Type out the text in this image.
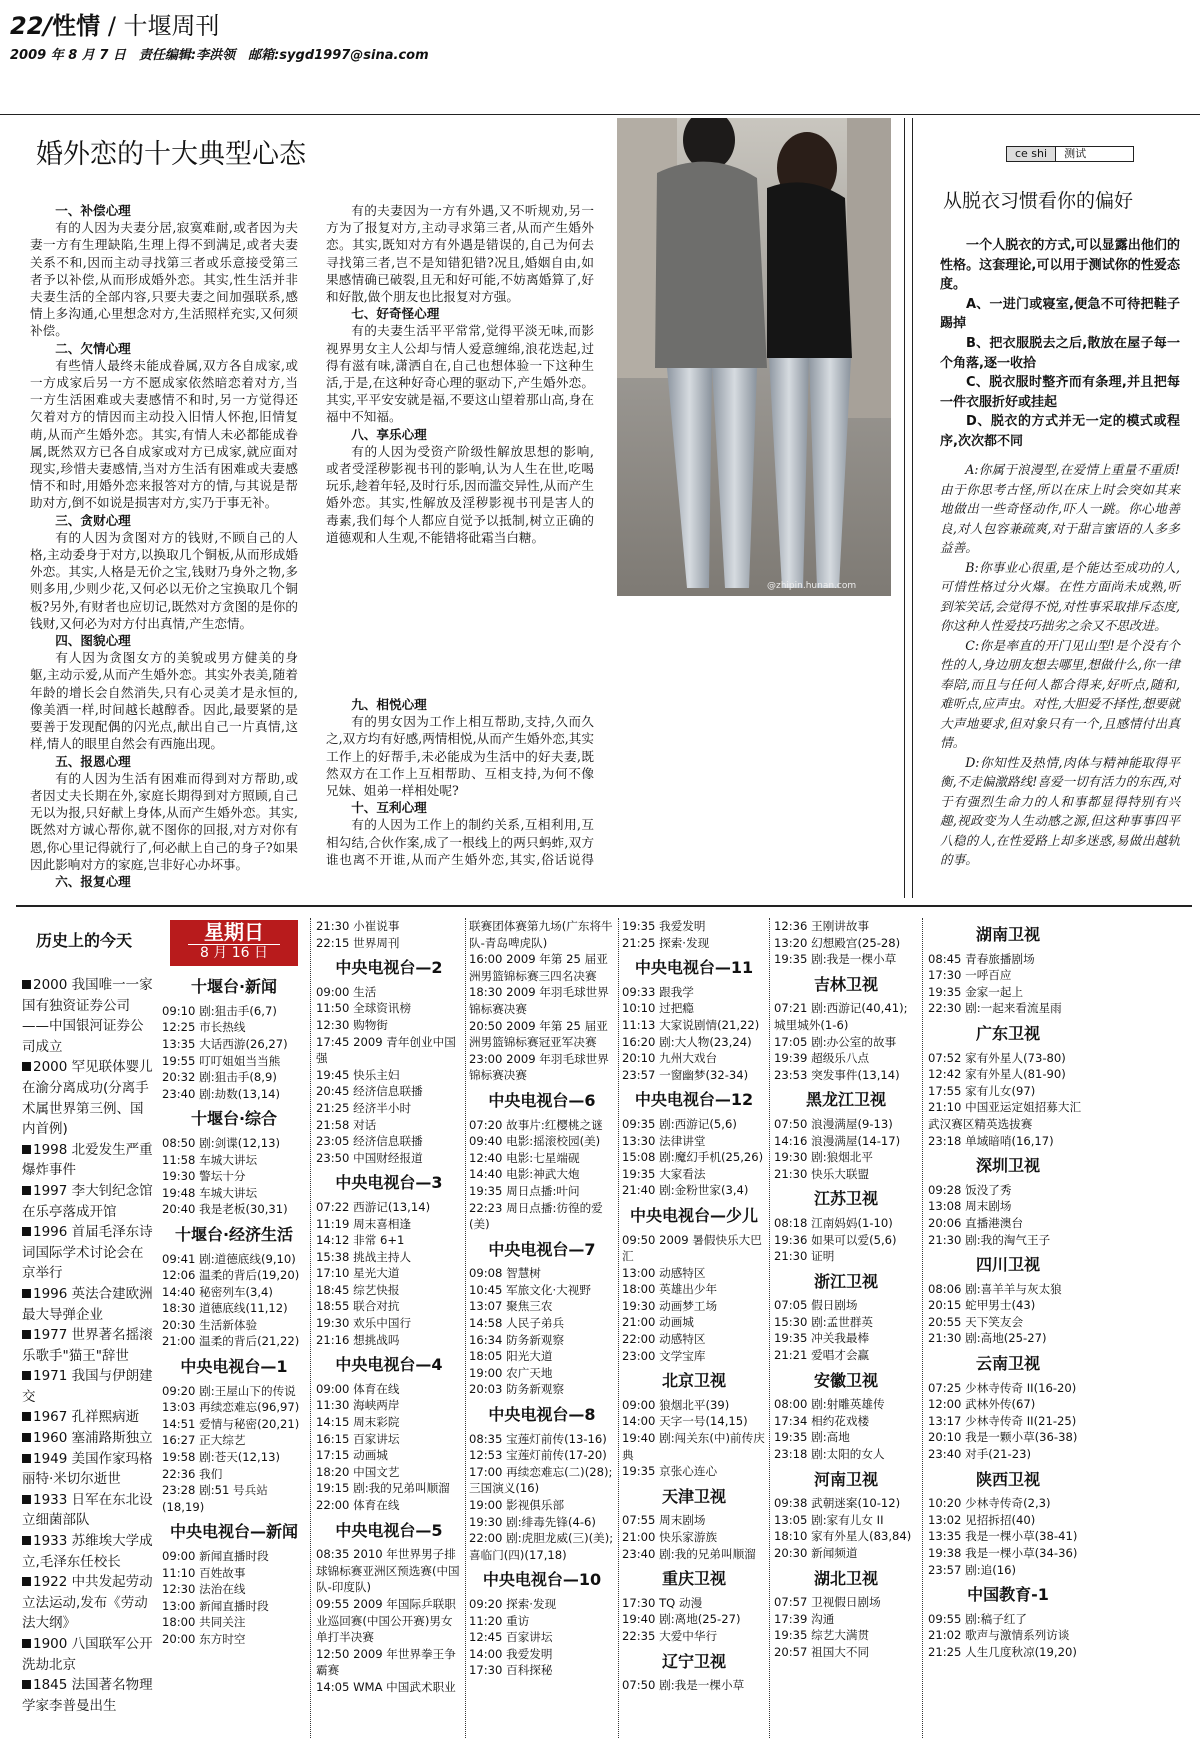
22/性情 / 十堰周刊
2009 年 8 月 7 日　责任编辑:李洪领　邮箱:sygd1997@sina.com
婚外恋的十大典型心态
一、补偿心理

有的人因为夫妻分居,寂寞难耐,或者因为夫妻一方有生理缺陷,生理上得不到满足,或者夫妻关系不和,因而主动寻找第三者或乐意接受第三者予以补偿,从而形成婚外恋。其实,性生活并非夫妻生活的全部内容,只要夫妻之间加强联系,感情上多沟通,心里想念对方,生活照样充实,又何须补偿。

二、欠情心理

有些情人最终未能成眷属,双方各自成家,或一方成家后另一方不愿成家依然暗恋着对方,当一方生活困难或夫妻感情不和时,另一方觉得还欠着对方的情因而主动投入旧情人怀抱,旧情复萌,从而产生婚外恋。其实,有情人未必都能成眷属,既然双方已各自成家或对方已成家,就应面对现实,珍惜夫妻感情,当对方生活有困难或夫妻感情不和时,用婚外恋来报答对方的情,与其说是帮助对方,倒不如说是损害对方,实乃于事无补。

三、贪财心理

有的人因为贪图对方的钱财,不顾自己的人格,主动委身于对方,以换取几个铜板,从而形成婚外恋。其实,人格是无价之宝,钱财乃身外之物,多则多用,少则少花,又何必以无价之宝换取几个铜板?另外,有财者也应切记,既然对方贪图的是你的钱财,又何必为对方付出真情,产生恋情。

四、图貌心理

有人因为贪图女方的美貌或男方健美的身躯,主动示爱,从而产生婚外恋。其实外表美,随着年龄的增长会自然消失,只有心灵美才是永恒的,像美酒一样,时间越长越醇香。因此,最要紧的是要善于发现配偶的闪光点,献出自己一片真情,这样,情人的眼里自然会有西施出现。

五、报恩心理

有的人因为生活有困难而得到对方帮助,或者因丈夫长期在外,家庭长期得到对方照顾,自己无以为报,只好献上身体,从而产生婚外恋。其实,既然对方诚心帮你,就不图你的回报,对方对你有恩,你心里记得就行了,何必献上自己的身子?如果因此影响对方的家庭,岂非好心办坏事。

六、报复心理

有的夫妻因为一方有外遇,又不听规劝,另一方为了报复对方,主动寻求第三者,从而产生婚外恋。其实,既知对方有外遇是错误的,自己为何去寻找第三者,岂不是知错犯错?况且,婚姻自由,如果感情确已破裂,且无和好可能,不妨离婚算了,好和好散,做个朋友也比报复对方强。

七、好奇怪心理

有的夫妻生活平平常常,觉得平淡无味,而影视界男女主人公却与情人爱意缠绵,浪花迭起,过得有滋有味,潇洒自在,自己也想体验一下这种生活,于是,在这种好奇心理的驱动下,产生婚外恋。其实,平平安安就是福,不要这山望着那山高,身在福中不知福。

八、享乐心理

有的人因为受资产阶级性解放思想的影响,或者受淫秽影视书刊的影响,认为人生在世,吃喝玩乐,趁着年轻,及时行乐,因而滥交异性,从而产生婚外恋。其实,性解放及淫秽影视书刊是害人的毒素,我们每个人都应自觉予以抵制,树立正确的道德观和人生观,不能错将砒霜当白糖。

九、相悦心理

有的男女因为工作上相互帮助,支持,久而久之,双方均有好感,两情相悦,从而产生婚外恋,其实工作上的好帮手,未必能成为生活中的好夫妻,既然双方在工作上互相帮助、互相支持,为何不像兄妹、姐弟一样相处呢?

十、互利心理

有的人因为工作上的制约关系,互相利用,互相勾结,合伙作案,成了一根线上的两只蚂蚱,双方谁也离不开谁,从而产生婚外恋,其实,俗话说得

@zhipin.hunan.com
ce shi 测试
从脱衣习惯看你的偏好

一个人脱衣的方式,可以显露出他们的性格。这套理论,可以用于测试你的性爱态度。

A、一进门或寝室,便急不可待把鞋子踢掉

B、把衣服脱去之后,散放在屋子每一个角落,逐一收拾

C、脱衣服时整齐而有条理,并且把每一件衣服折好或挂起

D、脱衣的方式并无一定的模式或程序,次次都不同

A:你属于浪漫型,在爱情上重量不重质!由于你思考古怪,所以在床上时会突如其来地做出一些奇怪动作,吓人一跳。你心地善良,对人包容兼疏爽,对于甜言蜜语的人多多益善。

B:你事业心很重,是个能达至成功的人,可惜性格过分火爆。在性方面尚未成熟,听到笨笑话,会觉得不悦,对性事采取排斥态度,你这种人性爱技巧拙劣之余又不思改进。

C:你是率直的开门见山型!是个没有个性的人,身边朋友想去哪里,想做什么,你一律奉陪,而且与任何人都合得来,好听点,随和,难听点,应声虫。对性,大胆爱不择性,想要就大声地要求,但对象只有一个,且感情付出真情。

D:你知性及热情,肉体与精神能取得平衡,不走偏激路线!喜爱一切有活力的东西,对于有强烈生命力的人和事都显得特别有兴趣,视政变为人生动感之源,但这种事事四平八稳的人,在性爱路上却多迷惑,易做出越轨的事。

历史上的今天

2000 我国唯一一家国有独资证券公司——中国银河证券公司成立

2000 罕见联体婴儿在渝分离成功(分离手术属世界第三例、国内首例)

1998 北爱发生严重爆炸事件

1997 李大钊纪念馆在乐亭落成开馆

1996 首届毛泽东诗词国际学术讨论会在京举行

1996 英法合建欧洲最大导弹企业

1977 世界著名摇滚乐歌手"猫王"辞世

1971 我国与伊朗建交

1967 孔祥熙病逝

1960 塞浦路斯独立

1949 美国作家玛格丽特·米切尔逝世

1933 日军在东北设立细菌部队

1933 苏维埃大学成立,毛泽东任校长

1922 中共发起劳动立法运动,发布《劳动法大纲》

1900 八国联军公开洗劫北京

1845 法国著名物理学家李普曼出生

星期日
8 月 16 日
十堰台·新闻
09:10 剧:狙击手(6,7)
12:25 市长热线
13:35 大话西游(26,27)
19:55 叮叮姐姐当当熊
20:32 剧:狙击手(8,9)
23:40 剧:劫数(13,14)
十堰台·综合
08:50 剧:剑谍(12,13)
11:58 车城大讲坛
19:30 警坛十分
19:48 车城大讲坛
20:40 我是老板(30,31)
十堰台·经济生活
09:41 剧:道德底线(9,10)
12:06 温柔的背后(19,20)
14:40 秘密列车(3,4)
18:30 道德底线(11,12)
20:30 生活新体验
21:00 温柔的背后(21,22)
中央电视台—1
09:20 剧:王屋山下的传说
13:03 再续恋难忘(96,97)
14:51 爱情与秘密(20,21)
16:27 正大综艺
19:58 剧:苍天(12,13)
22:36 我们
23:28 剧:51 号兵站(18,19)
中央电视台—新闻
09:00 新闻直播时段
11:10 百姓故事
12:30 法治在线
13:00 新闻直播时段
18:00 共同关注
20:00 东方时空
21:30 小崔说事
22:15 世界周刊
中央电视台—2
09:00 生活
11:50 全球资讯榜
12:30 购物街
17:45 2009 青年创业中国强
19:45 快乐主妇
20:45 经济信息联播
21:25 经济半小时
21:58 对话
23:05 经济信息联播
23:50 中国财经报道
中央电视台—3
07:22 西游记(13,14)
11:19 周末喜相逢
14:12 非常 6+1
15:38 挑战主持人
17:10 星光大道
18:45 综艺快报
18:55 联合对抗
19:30 欢乐中国行
21:16 想挑战吗
中央电视台—4
09:00 体育在线
11:30 海峡两岸
14:15 周末彩院
16:15 百家讲坛
17:15 动画城
18:20 中国文艺
19:15 剧:我的兄弟叫顺溜
22:00 体育在线
中央电视台—5
08:35 2010 年世界男子排球锦标赛亚洲区预选赛(中国队-印度队)
09:55 2009 年国际乒联职业巡回赛(中国公开赛)男女单打半决赛
12:50 2009 年世界拳王争霸赛
14:05 WMA 中国武术职业
联赛团体赛第九场(广东将牛队-青岛啤虎队)
16:00 2009 年第 25 届亚洲男篮锦标赛三四名决赛
18:30 2009 年羽毛球世界锦标赛决赛
20:50 2009 年第 25 届亚洲男篮锦标赛冠亚军决赛
23:00 2009 年羽毛球世界锦标赛决赛
中央电视台—6
07:20 故事片:红樱桃之谜
09:40 电影:摇滚校园(美)
12:40 电影:七星端砚
14:40 电影:神武大炮
19:35 周日点播:叶问
22:23 周日点播:彷徨的爱(美)
中央电视台—7
09:08 智慧树
10:45 军旅文化·大视野
13:07 聚焦三农
14:58 人民子弟兵
16:34 防务新观察
18:05 阳光大道
19:00 农广天地
20:03 防务新观察
中央电视台—8
08:35 宝莲灯前传(13-16)
12:53 宝莲灯前传(17-20)
17:00 再续恋难忘(二)(28);三国演义(16)
19:00 影视俱乐部
19:30 剧:绯毒先锋(4-6)
22:00 剧:虎胆龙威(三)(美);喜临门(四)(17,18)
中央电视台—10
09:20 探索·发现
11:20 重访
12:45 百家讲坛
14:00 我爱发明
17:30 百科探秘
19:35 我爱发明
21:25 探索·发现
中央电视台—11
09:33 跟我学
10:10 过把瘾
11:13 大家说剧情(21,22)
16:20 剧:大人物(23,24)
20:10 九州大戏台
23:57 一窗幽梦(32-34)
中央电视台—12
09:35 剧:西游记(5,6)
13:30 法律讲堂
15:08 剧:魔幻手机(25,26)
19:35 大家看法
21:40 剧:金粉世家(3,4)
中央电视台—少儿
09:50 2009 暑假快乐大巴汇
13:00 动感特区
18:00 英雄出少年
19:30 动画梦工场
21:00 动画城
22:00 动感特区
23:00 文学宝库
北京卫视
09:00 狼烟北平(39)
14:00 天字一号(14,15)
19:40 剧:闯关东(中)前传庆典
19:35 京张心连心
天津卫视
07:55 周末剧场
21:00 快乐家游族
23:40 剧:我的兄弟叫顺溜
重庆卫视
17:30 TQ 动漫
19:40 剧:离地(25-27)
22:35 大爱中华行
辽宁卫视
07:50 剧:我是一棵小草
12:36 王刚讲故事
13:20 幻想殿宫(25-28)
19:35 剧:我是一棵小草
吉林卫视
07:21 剧:西游记(40,41);城里城外(1-6)
17:05 剧:办公室的故事
19:39 超级乐八点
23:53 突发事件(13,14)
黑龙江卫视
07:50 浪漫满屋(9-13)
14:16 浪漫满屋(14-17)
19:30 剧:狼烟北平
21:30 快乐大联盟
江苏卫视
08:18 江南妈妈(1-10)
19:36 如果可以爱(5,6)
21:30 证明
浙江卫视
07:05 假日剧场
15:30 剧:孟世群英
19:35 冲关我最棒
21:21 爱唱才会赢
安徽卫视
08:00 剧:射雕英雄传
17:34 相约花戏楼
19:35 剧:高地
23:18 剧:太阳的女人
河南卫视
09:38 武朝迷案(10-12)
13:05 剧:家有儿女 II
18:10 家有外星人(83,84)
20:30 新闻频道
湖北卫视
07:57 卫视假日剧场
17:39 沟通
19:35 综艺大满贯
20:57 祖国大不同
湖南卫视
08:45 青春旅播剧场
17:30 一呼百应
19:35 金家一起上
22:30 剧:一起来看流星雨
广东卫视
07:52 家有外星人(73-80)
12:42 家有外星人(81-90)
17:55 家有儿女(97)
21:10 中国亚运定姐招募大汇武汉赛区精英选拔赛
23:18 单域暗哨(16,17)
深圳卫视
09:28 饭没了秀
13:08 周末剧场
20:06 直播港澳台
21:30 剧:我的淘气王子
四川卫视
08:06 剧:喜羊羊与灰太狼
20:15 蛇甲男士(43)
20:55 天下笑友会
21:30 剧:高地(25-27)
云南卫视
07:25 少林寺传奇 II(16-20)
12:00 武林外传(67)
13:17 少林寺传奇 II(21-25)
20:10 我是一颗小草(36-38)
23:40 对手(21-23)
陕西卫视
10:20 少林寺传奇(2,3)
13:02 见招拆招(40)
13:35 我是一棵小草(38-41)
19:38 我是一棵小草(34-36)
23:57 剧:追(16)
中国教育-1
09:55 剧:稿子红了
21:02 歌声与激情系列访谈
21:25 人生几度秋凉(19,20)
